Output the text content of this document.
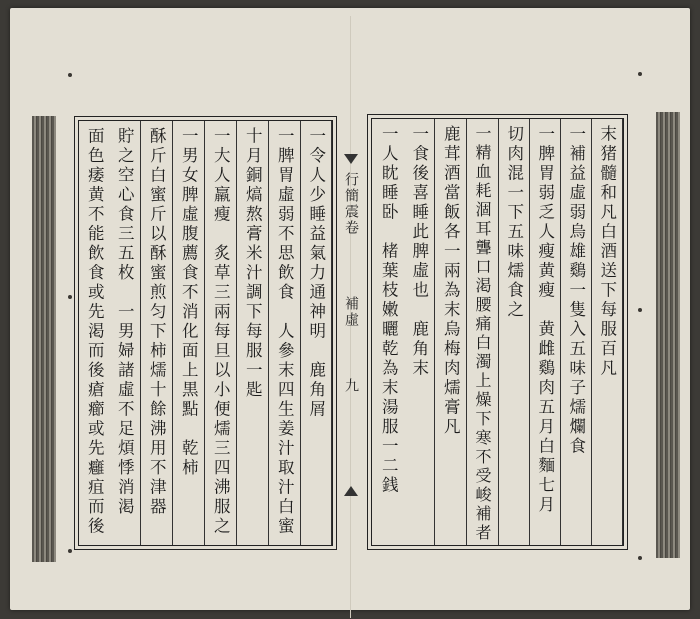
一令人少睡益氣力通神明　鹿角屑
一脾胃虛弱不思飲食　人參末四生姜汁取汁白蜜
十月銅熇熬膏米汁調下每服一匙
一大人羸瘦　炙草三兩每旦以小便燸三四沸服之
一男女脾虛腹薦食不消化面上黒點　乾柿
酥斤白蜜斤以酥蜜煎匀下柿燸十餘沸用不津器
貯之空心食三五枚　一男婦諸虛不足煩悸消渇
面色痿黄不能飲食或先渇而後瘡癤或先癰疽而後	行簡震卷
補虛
九
末猪髓和凡白酒送下每服百凡
一補益虛弱烏雄鷄一隻入五味子燸爛食
一脾胃弱乏人瘦黄瘦　黄雌鷄肉五月白麵七月
切肉混一下五味燸食之
一精血耗涸耳聾口渇腰痛白濁上燥下寒不受峻補者
鹿茸酒當飯各一兩為末烏梅肉燸膏凡
一食後喜睡此脾虛也　鹿角末
一人眈睡卧　楮葉枝嫩曬乾為末湯服一二銭
